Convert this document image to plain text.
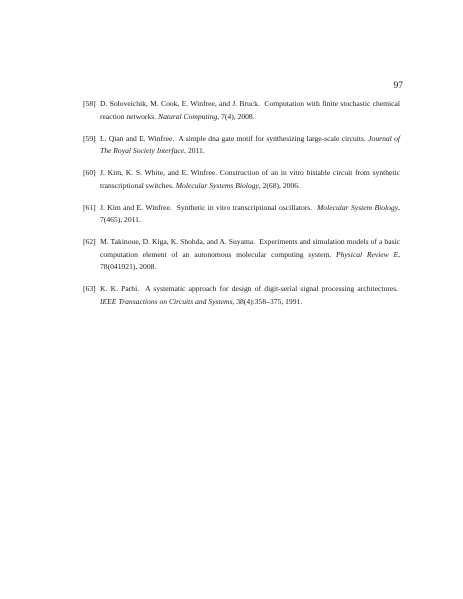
97
[58] D. Soloveichik, M. Cook, E. Winfree, and J. Bruck. Computation with finite stochastic chemical reaction networks. Natural Computing, 7(4), 2008.
[59] L. Qian and E. Winfree. A simple dna gate motif for synthesizing large-scale circuits. Journal of The Royal Society Interface, 2011.
[60] J. Kim, K. S. White, and E. Winfree. Construction of an in vitro bistable circuit from synthetic transcriptional switches. Molecular Systems Biology, 2(68), 2006.
[61] J. Kim and E. Winfree. Synthetic in vitro transcriptional oscillators. Molecular System Biology, 7(465), 2011.
[62] M. Takinoue, D. Kiga, K. Shohda, and A. Suyama. Experiments and simulation models of a basic computation element of an autonomous molecular computing system. Physical Review E, 78(041921), 2008.
[63] K. K. Parhi. A systematic approach for design of digit-serial signal processing architectures.  IEEE Transactions on Circuits and Systems, 38(4):358–375, 1991.
